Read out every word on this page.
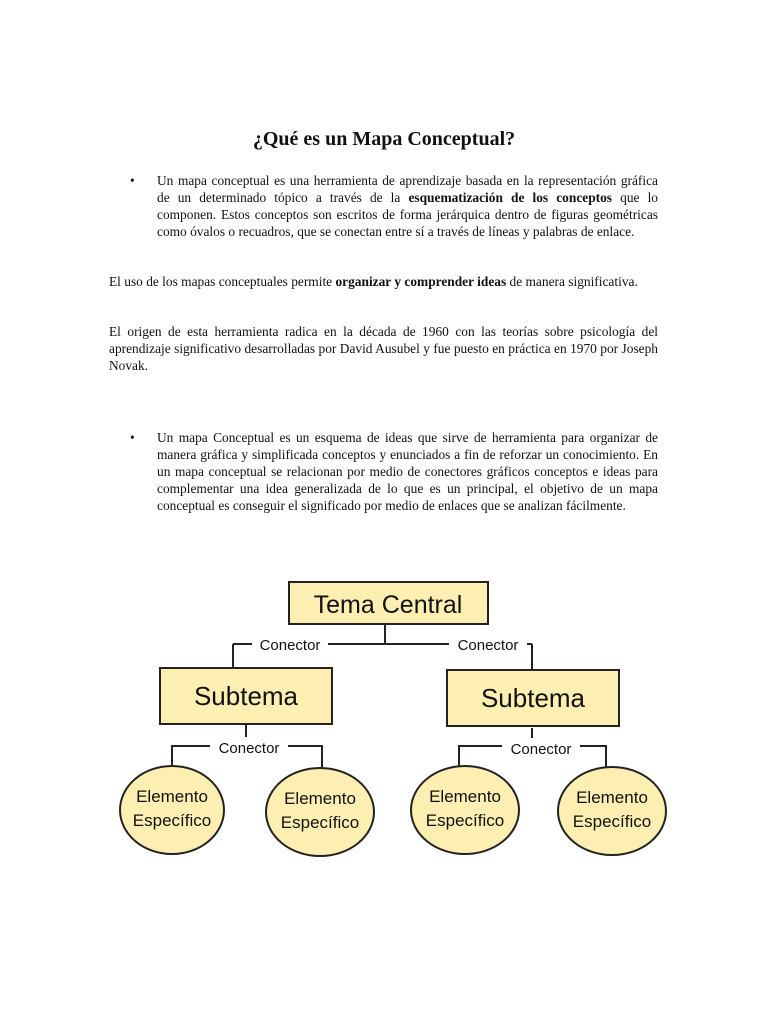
¿Qué es un Mapa Conceptual?
•	Un mapa conceptual es una herramienta de aprendizaje basada en la representación gráfica de un determinado tópico a través de la esquematización de los conceptos que lo componen. Estos conceptos son escritos de forma jerárquica dentro de figuras geométricas como óvalos o recuadros, que se conectan entre sí a través de líneas y palabras de enlace.

El uso de los mapas conceptuales permite organizar y comprender ideas de manera significativa.

El origen de esta herramienta radica en la década de 1960 con las teorías sobre psicología del aprendizaje significativo desarrolladas por David Ausubel y fue puesto en práctica en 1970 por Joseph Novak.

•	Un mapa Conceptual es un esquema de ideas que sirve de herramienta para organizar de manera gráfica y simplificada conceptos y enunciados a fin de reforzar un conocimiento. En un mapa conceptual se relacionan por medio de conectores gráficos conceptos e ideas para complementar una idea generalizada de lo que es un principal, el objetivo de un mapa conceptual es conseguir el significado por medio de enlaces que se analizan fácilmente.

Conector	Conector
Conector	Conector
Tema Central
Subtema	Subtema
Elemento
Específico
Elemento
Específico
Elemento
Específico
Elemento
Específico
